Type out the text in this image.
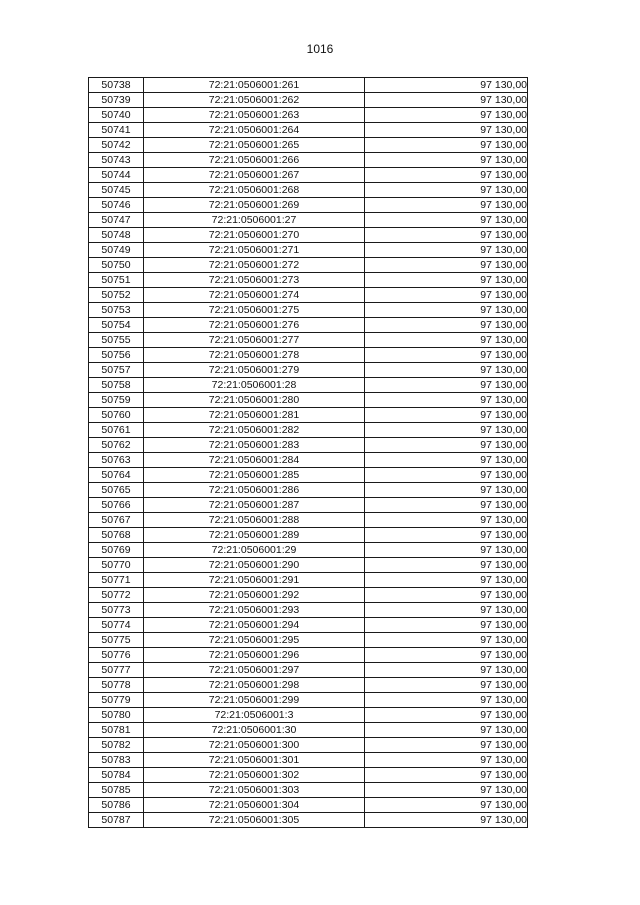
1016
50738	72:21:0506001:261	97 130,00
50739	72:21:0506001:262	97 130,00
50740	72:21:0506001:263	97 130,00
50741	72:21:0506001:264	97 130,00
50742	72:21:0506001:265	97 130,00
50743	72:21:0506001:266	97 130,00
50744	72:21:0506001:267	97 130,00
50745	72:21:0506001:268	97 130,00
50746	72:21:0506001:269	97 130,00
50747	72:21:0506001:27	97 130,00
50748	72:21:0506001:270	97 130,00
50749	72:21:0506001:271	97 130,00
50750	72:21:0506001:272	97 130,00
50751	72:21:0506001:273	97 130,00
50752	72:21:0506001:274	97 130,00
50753	72:21:0506001:275	97 130,00
50754	72:21:0506001:276	97 130,00
50755	72:21:0506001:277	97 130,00
50756	72:21:0506001:278	97 130,00
50757	72:21:0506001:279	97 130,00
50758	72:21:0506001:28	97 130,00
50759	72:21:0506001:280	97 130,00
50760	72:21:0506001:281	97 130,00
50761	72:21:0506001:282	97 130,00
50762	72:21:0506001:283	97 130,00
50763	72:21:0506001:284	97 130,00
50764	72:21:0506001:285	97 130,00
50765	72:21:0506001:286	97 130,00
50766	72:21:0506001:287	97 130,00
50767	72:21:0506001:288	97 130,00
50768	72:21:0506001:289	97 130,00
50769	72:21:0506001:29	97 130,00
50770	72:21:0506001:290	97 130,00
50771	72:21:0506001:291	97 130,00
50772	72:21:0506001:292	97 130,00
50773	72:21:0506001:293	97 130,00
50774	72:21:0506001:294	97 130,00
50775	72:21:0506001:295	97 130,00
50776	72:21:0506001:296	97 130,00
50777	72:21:0506001:297	97 130,00
50778	72:21:0506001:298	97 130,00
50779	72:21:0506001:299	97 130,00
50780	72:21:0506001:3	97 130,00
50781	72:21:0506001:30	97 130,00
50782	72:21:0506001:300	97 130,00
50783	72:21:0506001:301	97 130,00
50784	72:21:0506001:302	97 130,00
50785	72:21:0506001:303	97 130,00
50786	72:21:0506001:304	97 130,00
50787	72:21:0506001:305	97 130,00
